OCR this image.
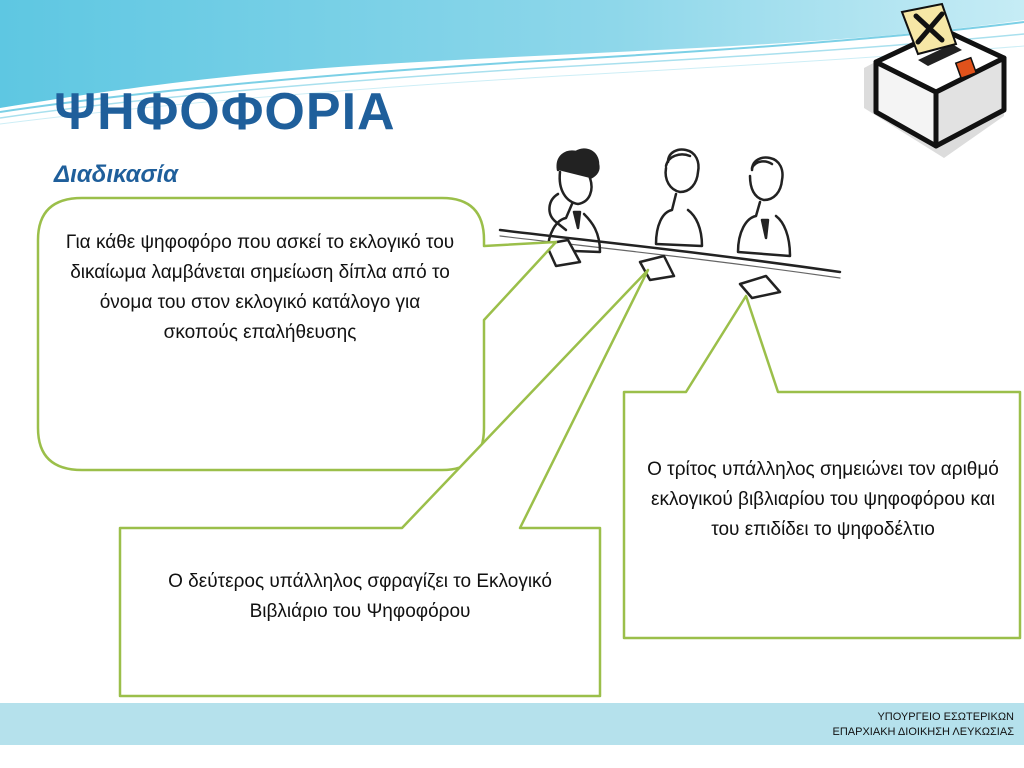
ΨΗΦΟΦΟΡΙΑ
Διαδικασία
Για κάθε ψηφοφόρο που ασκεί το εκλογικό του δικαίωμα λαμβάνεται σημείωση δίπλα από το όνομα του στον εκλογικό κατάλογο για σκοπούς επαλήθευσης
Ο δεύτερος υπάλληλος σφραγίζει το Εκλογικό Βιβλιάριο του Ψηφοφόρου
Ο τρίτος υπάλληλος σημειώνει τον αριθμό εκλογικού βιβλιαρίου του ψηφοφόρου και του επιδίδει το ψηφοδέλτιο
ΥΠΟΥΡΓΕΙΟ ΕΣΩΤΕΡΙΚΩΝ
ΕΠΑΡΧΙΑΚΗ ΔΙΟΙΚΗΣΗ ΛΕΥΚΩΣΙΑΣ
